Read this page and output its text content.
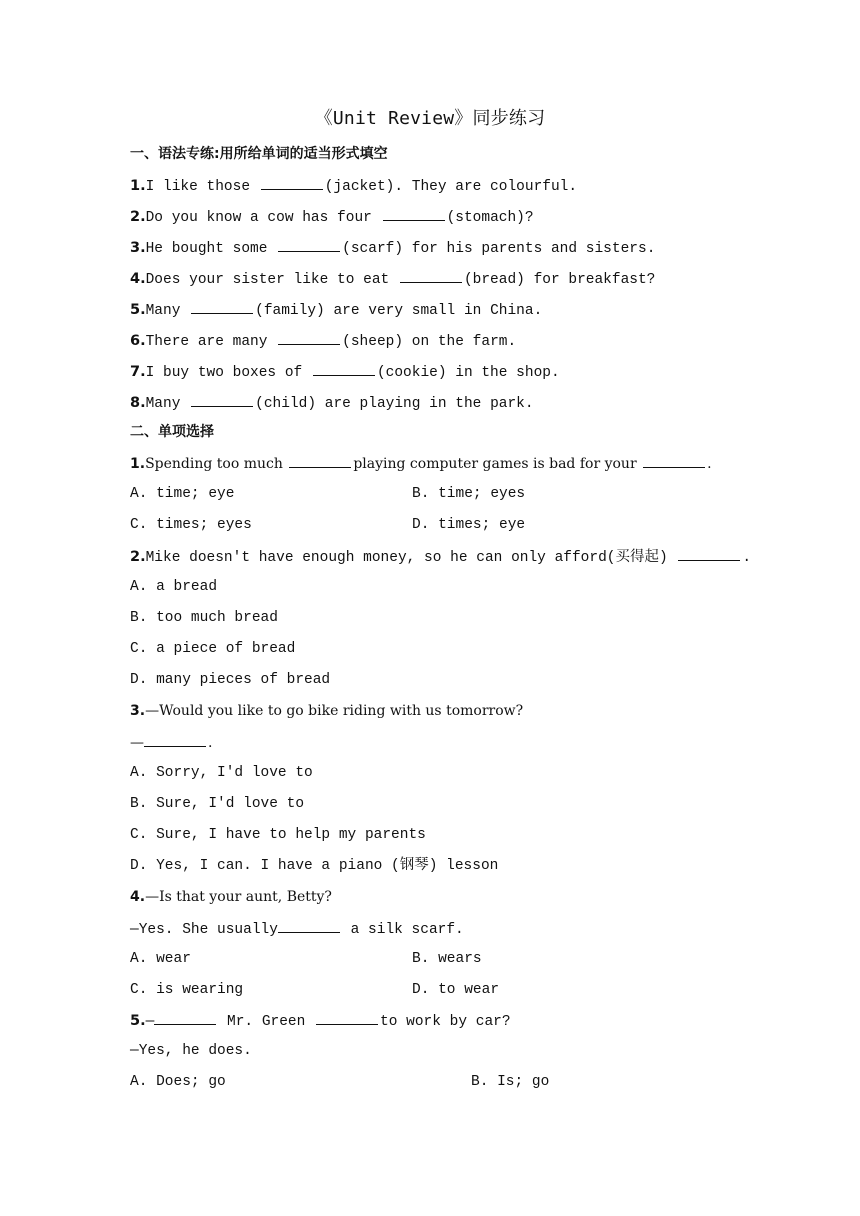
《Unit Review》同步练习
一、语法专练:用所给单词的适当形式填空
1.I like those	(jacket). They are colourful.
2.Do you know a cow has four	(stomach)?
3.He bought some	(scarf) for his parents and sisters.
4.Does your sister like to eat	(bread) for breakfast?
5.Many	(family) are very small in China.
6.There are many	(sheep) on the farm.
7.I buy two boxes of	(cookie) in the shop.
8.Many	(child) are playing in the park.
二、单项选择
1.Spending too much	playing computer games is bad for your	.
A. time; eye	B. time; eyes
C. times; eyes	D. times; eye
2.Mike doesn't have enough money, so he can only afford(买得起)	.
A. a bread
B. too much bread
C. a piece of bread
D. many pieces of bread
3.—Would you like to go bike riding with us tomorrow?
—	.
A. Sorry, I'd love to
B. Sure, I'd love to
C. Sure, I have to help my parents
D. Yes, I can. I have a piano (钢琴) lesson
4.—Is that your aunt, Betty?
—Yes. She usually	a silk scarf.
A. wear	B. wears
C. is wearing	D. to wear
5.—	Mr. Green	to work by car?
—Yes, he does.
A. Does; go	B. Is; go
